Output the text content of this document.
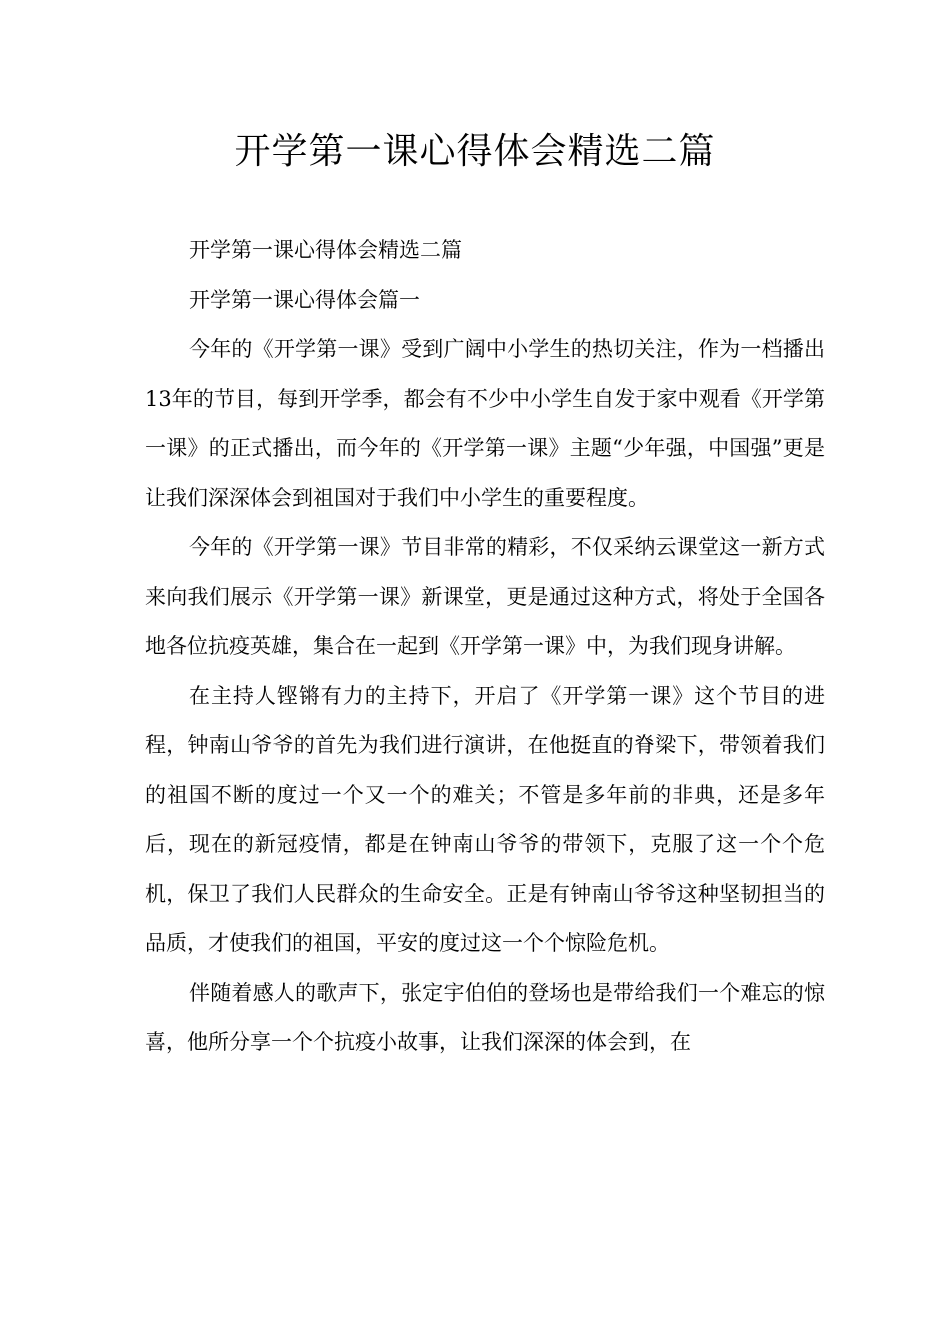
开学第一课心得体会精选二篇

开学第一课心得体会精选二篇

开学第一课心得体会篇一

今年的《开学第一课》受到广阔中小学生的热切关注，作为一档播出13年的节目，每到开学季，都会有不少中小学生自发于家中观看《开学第一课》的正式播出，而今年的《开学第一课》主题“少年强，中国强”更是让我们深深体会到祖国对于我们中小学生的重要程度。

今年的《开学第一课》节目非常的精彩，不仅采纳云课堂这一新方式来向我们展示《开学第一课》新课堂，更是通过这种方式，将处于全国各地各位抗疫英雄，集合在一起到《开学第一课》中，为我们现身讲解。

在主持人铿锵有力的主持下，开启了《开学第一课》这个节目的进程，钟南山爷爷的首先为我们进行演讲，在他挺直的脊梁下，带领着我们的祖国不断的度过一个又一个的难关；不管是多年前的非典，还是多年后，现在的新冠疫情，都是在钟南山爷爷的带领下，克服了这一个个危机，保卫了我们人民群众的生命安全。正是有钟南山爷爷这种坚韧担当的品质，才使我们的祖国，平安的度过这一个个惊险危机。

伴随着感人的歌声下，张定宇伯伯的登场也是带给我们一个难忘的惊喜，他所分享一个个抗疫小故事，让我们深深的体会到，在
